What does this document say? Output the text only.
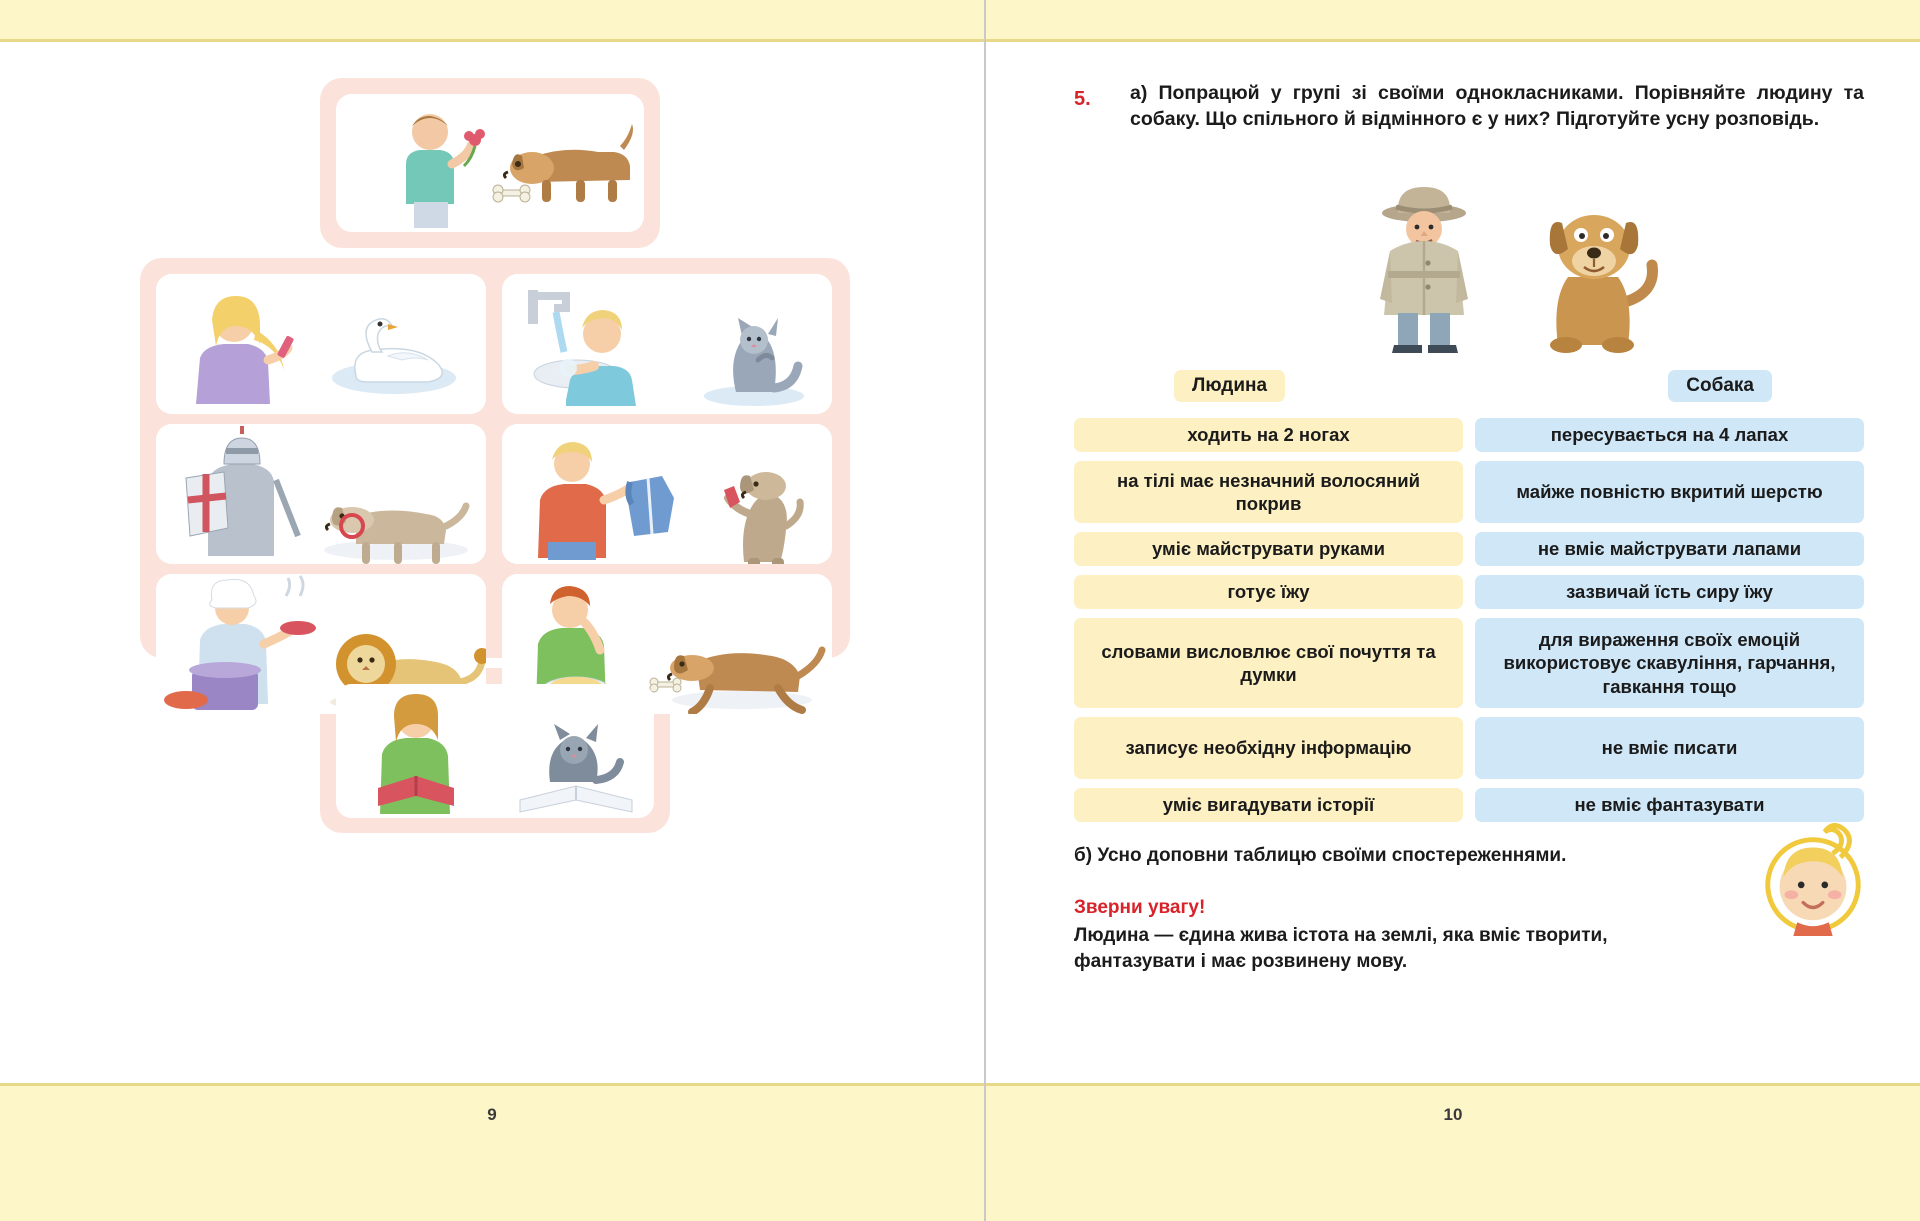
9
5. а) Попрацюй у групі зі своїми однокласниками. Порівняйте людину та собаку. Що спільного й відмінного є у них? Підготуйте усну розповідь.
Людина	Собака
ходить на 2 ногах
на тілі має незначний волосяний покрив
уміє майструвати руками
готує їжу
словами висловлює свої почуття та думки
записує необхідну інформацію
уміє вигадувати історії
пересувається на 4 лапах
майже повністю вкритий шерстю
не вміє майструвати лапами
зазвичай їсть сиру їжу
для вираження своїх емоцій використовує скавуління, гарчання, гавкання тощо
не вміє писати
не вміє фантазувати
б) Усно доповни таблицю своїми спостереженнями.
Зверни увагу!
Людина — єдина жива істота на землі, яка вміє творити, фантазувати і має розвинену мову.
10
